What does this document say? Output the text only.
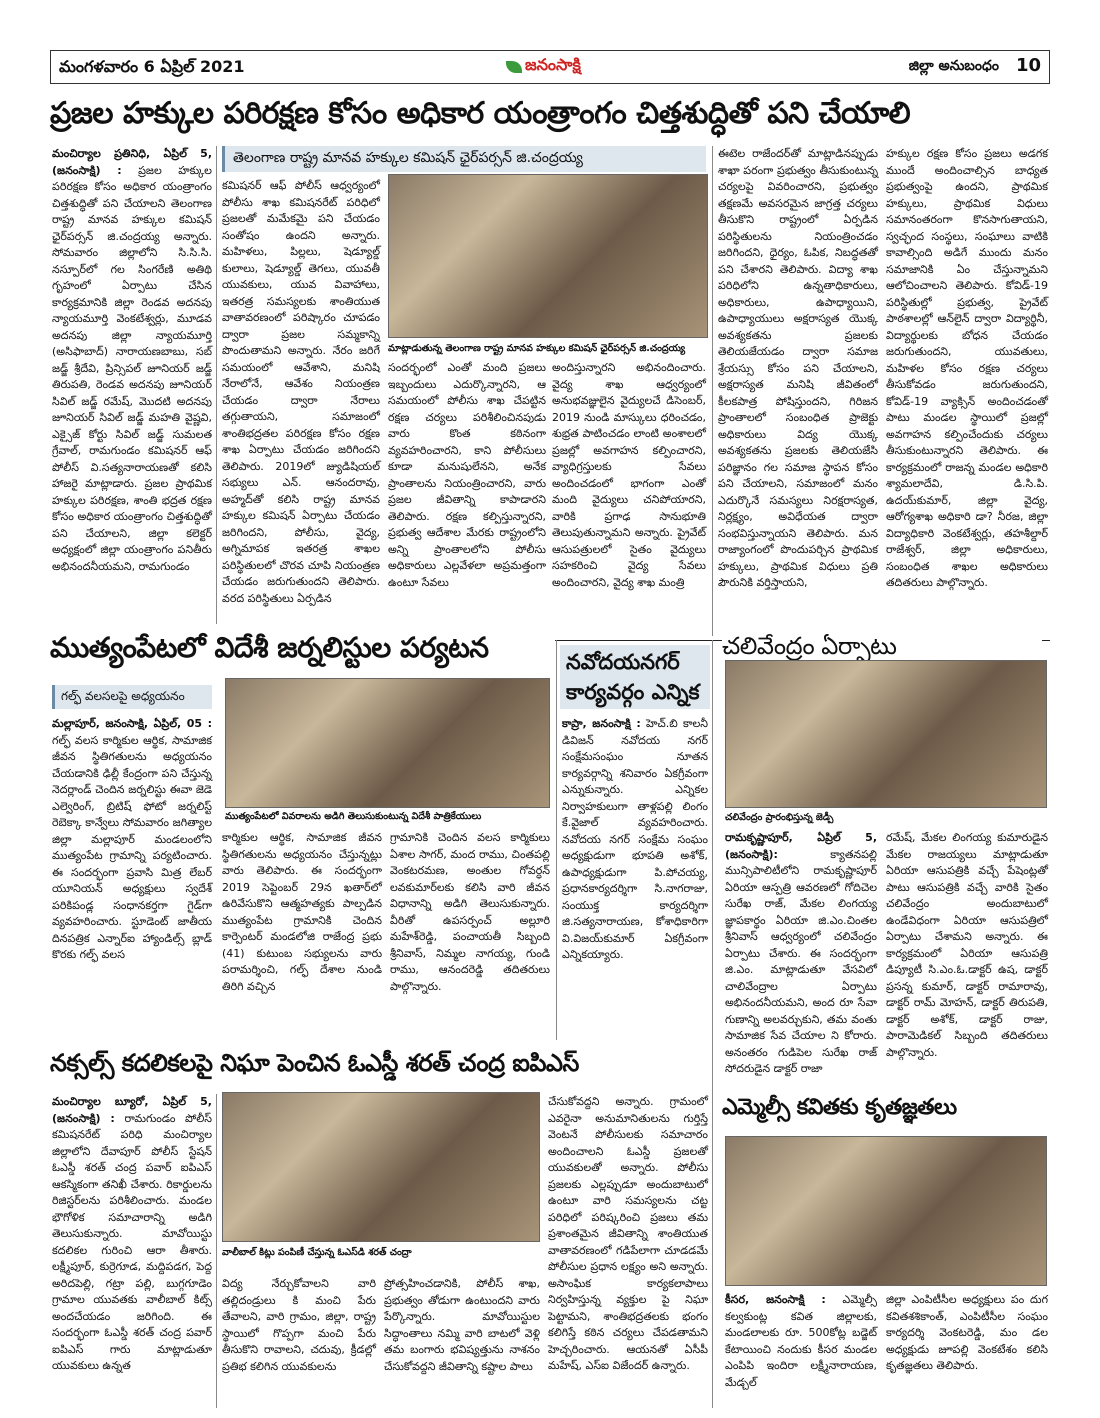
మంగళవారం 6 ఏప్రిల్ 2021	జనంసాక్షి	జిల్లా అనుబంధం 10
ప్రజల హక్కుల పరిరక్షణ కోసం అధికార యంత్రాంగం చిత్తశుద్ధితో పని చేయాలి
మంచిర్యాల ప్రతినిధి, ఏప్రిల్ 5, (జనంసాక్షి) : ప్రజల హక్కుల పరిరక్షణ కోసం అధికార యంత్రాంగం చిత్తశుద్ధితో పని చేయాలని తెలంగాణ రాష్ట్ర మానవ హక్కుల కమిషన్ ఛైర్‌పర్సన్ జి.చంద్రయ్య అన్నారు. సోమవారం జిల్లాలోని సి.సి.సి. నస్పూర్‌లో గల సింగరేణి అతిథి గృహంలో ఏర్పాటు చేసిన కార్యక్రమానికి జిల్లా రెండవ అదనపు న్యాయమూర్తి వెంకటేశ్వర్లు, మూడవ అదనపు జిల్లా న్యాయమూర్తి (అసిఫాబాద్) నారాయణబాబు, సబ్ జడ్జ్ శ్రీదేవి, ప్రిన్సిపల్ జూనియర్ జడ్జ్ తిరుపతి, రెండవ అదనపు జూనియర్ సివిల్ జడ్జ్ రమేష్, మొదటి అదనపు జూనియర్ సివిల్ జడ్జ్ మహతి వైష్ణవి, ఎక్సైజ్ కోర్టు సివిల్ జడ్జ్ సుమలత గ్రేవాల్, రామగుండం కమిషనర్ ఆఫ్ పోలీస్ వి.సత్యనారాయణతో కలిసి హాజరై మాట్లాడారు. ప్రజల ప్రాథమిక హక్కుల పరిరక్షణ, శాంతి భద్రత రక్షణ కోసం అధికార యంత్రాంగం చిత్తశుద్ధితో పని చేయాలని, జిల్లా కలెక్టర్ అధ్యక్షంలో జిల్లా యంత్రాంగం పనితీరు అభినందనీయమని, రామగుండం
తెలంగాణ రాష్ట్ర మానవ హక్కుల కమిషన్ ఛైర్‌పర్సన్ జి.చంద్రయ్య
కమిషనర్ ఆఫ్ పోలీస్ ఆధ్వర్యంలో పోలీసు శాఖ కమిషనరేట్ పరిధిలో ప్రజలతో మమేకమై పని చేయడం సంతోషం ఉందని అన్నారు. మహిళలు, పిల్లలు, షెడ్యూల్డ్ కులాలు, షెడ్యూల్డ్ తెగలు, యువతీ యువకులు, యువ వివాహాలు, ఇతరత్ర సమస్యలకు శాంతియుత వాతావరణంలో పరిష్కారం చూపడం ద్వారా ప్రజల సమ్మకాన్ని పొందుతామని అన్నారు. నేరం జరిగే సమయంలో ఆవేశాని, మనిషి నేరాలోనే, ఆవేశం నియంత్రణ చేయడం ద్వారా నేరాలు తగ్గుతాయని, సమాజంలో శాంతిభద్రతల పరిరక్షణ కోసం రక్షణ శాఖ ఏర్పాటు చేయడం జరిగిందని తెలిపారు. 2019లో జ్యుడిషియల్ సభ్యులు ఎన్. ఆనందరావు, అహ్మద్‌తో కలిసి రాష్ట్ర మానవ హక్కుల కమిషన్ ఏర్పాటు చేయడం జరిగిందని, పోలీసు, వైద్య, అగ్నిమాపక ఇతరత్ర శాఖల పరిస్థితులలో చొరవ చూపి నియంత్రణ చేయడం జరుగుతుందని తెలిపారు. వరద పరిస్థితులు ఏర్పడిన
మాట్లాడుతున్న తెలంగాణ రాష్ట్ర మానవ హక్కుల కమిషన్ ఛైర్‌పర్సన్ జి.చంద్రయ్య
సందర్భంలో ఎంతో మంది ప్రజలు ఇబ్బందులు ఎదుర్కొన్నారని, ఆ సమయంలో పోలీసు శాఖ చేపట్టిన రక్షణ చర్యలు పరిశీలించినపుడు వారు కొంత కఠినంగా వ్యవహరించారని, కాని పోలీసులు కూడా మనుషులేనని, అనేక ప్రాంతాలను నియంత్రించారని, వారు ప్రజల జీవితాన్ని కాపాడారని తెలిపారు. రక్షణ కల్పిస్తున్నారని, ప్రభుత్వ ఆదేశాల మేరకు రాష్ట్రంలోని అన్ని ప్రాంతాలలోని పోలీసు అధికారులు ఎల్లవేళలా అప్రమత్తంగా ఉంటూ సేవలు
అందిస్తున్నారని అభినందించారు. వైద్య శాఖ ఆధ్వర్యంలో అనుభవజ్ఞులైన వైద్యులచే డిసెంబర్, 2019 నుండి మాస్కులు ధరించడం, శుభ్రత పాటించడం లాంటి అంశాలలో ప్రజల్లో అవగాహన కల్పించారని, వ్యాధిగ్రస్తులకు సేవలు అందించడంలో భాగంగా ఎంతో మంది వైద్యులు చనిపోయారని, వారికి ప్రగాఢ సానుభూతి తెలుపుతున్నామని అన్నారు. ప్రైవేట్ ఆసుపత్రులలో సైతం వైద్యులు సహకరించి వైద్య సేవలు అందించారని, వైద్య శాఖ మంత్రి
ఈటెల రాజేందర్‌తో మాట్లాడినప్పుడు శాఖా పరంగా ప్రభుత్వం తీసుకుంటున్న చర్యలపై వివరించారని, ప్రభుత్వం తక్షణమే అవసరమైన జాగ్రత్త చర్యలు తీసుకొని రాష్ట్రంలో ఏర్పడిన పరిస్థితులను నియంత్రించడం జరిగిందని, ధైర్యం, ఓపిక, నిబద్ధతతో పని చేశారని తెలిపారు. విద్యా శాఖ పరిధిలోని ఉన్నతాధికారులు, అధికారులు, ఉపాధ్యాయిని, ఉపాధ్యాయులు అక్షరాస్యత యొక్క అవశ్యకతను ప్రజలకు తెలియజేయడం ద్వారా సమాజ శ్రేయస్సు కోసం పని చేయాలని, అక్షరాస్యత మనిషి జీవితంలో కీలకపాత్ర పోషిస్తుందని, గిరిజన ప్రాంతాలలో సంబంధిత ప్రాజెక్టు అధికారులు విద్య యొక్క అవశ్యకతను ప్రజలకు తెలియజేసి పరిజ్ఞానం గల సమాజ స్థాపన కోసం పని చేయాలని, సమాజంలో మనం ఎదుర్కొనే సమస్యలు నిరక్షరాస్యత, నిర్లక్ష్యం, అవిధేయత ద్వారా సంభవిస్తున్నాయని తెలిపారు. మన రాజ్యాంగంలో పొందుపర్చిన ప్రాథమిక హక్కులు, ప్రాథమిక విధులు ప్రతి పౌరునికి వర్తిస్తాయని,
హక్కుల రక్షణ కోసం ప్రజలు అడగక ముందే అందించాల్సిన బాధ్యత ప్రభుత్వంపై ఉందని, ప్రాథమిక హక్కులు, ప్రాథమిక విధులు సమానంతరంగా కొనసాగుతాయని, స్వచ్ఛంద సంస్థలు, సంఘాలు వాటికి కావాల్సింది అడిగే ముందు మనం సమాజానికి ఏం చేస్తున్నామని ఆలోచించాలని తెలిపారు. కోవిడ్-19 పరిస్థితుల్లో ప్రభుత్వ, ప్రైవేట్ పాఠశాలల్లో ఆన్‌లైన్ ద్వారా విద్యార్థినీ, విద్యార్థులకు బోధన చేయడం జరుగుతుందని, యువతులు, మహిళల కోసం రక్షణ చర్యలు తీసుకోవడం జరుగుతుందని, కోవిడ్-19 వ్యాక్సిన్ అందించడంతో పాటు మండల స్థాయిలో ప్రజల్లో అవగాహన కల్పించేందుకు చర్యలు తీసుకుంటున్నారని తెలిపారు. ఈ కార్యక్రమంలో రాజన్న మండల అధికారి శ్యామలాదేవి, డి.సి.పి. ఉదయ్‌కుమార్, జిల్లా వైద్య, ఆరోగ్యశాఖ అధికారి డా? నీరజ, జిల్లా విద్యాధికారి వెంకటేశ్వర్లు, తహశీల్దార్ రాజేశ్వర్, జిల్లా అధికారులు, సంబంధిత శాఖల అధికారులు తదితరులు పాల్గొన్నారు.
ముత్యంపేటలో విదేశీ జర్నలిస్టుల పర్యటన
గల్ఫ్ వలసలపై అధ్యయనం
మల్లాపూర్, జనంసాక్షి, ఏప్రిల్, 05 : గల్ఫ్ వలస కార్మికుల ఆర్థిక, సామాజిక జీవన స్థితిగతులను అధ్యయనం చేయడానికి ఢిల్లీ కేంద్రంగా పని చేస్తున్న నెదర్లాండ్ చెందిన జర్నలిస్టు ఈవా జెడె ఎల్వెరింగ్, బ్రిటిష్ ఫోటో జర్నలిస్ట్ రెబెక్కా కాన్వేలు సోమవారం జగిత్యాల జిల్లా మల్లాపూర్ మండలంలోని ముత్యంపేట గ్రామాన్ని పర్యటించారు. ఈ సందర్భంగా ప్రవాసి మిత్ర లేబర్ యూనియన్ అధ్యక్షులు స్వదేశ్ పరికిపండ్ల సంధానకర్తగా గైడ్‌గా వ్యవహరించారు. స్టూడెంట్ జాతీయ దినపత్రిక ఎన్నార్ఐ హ్యాండిల్స్ బ్లాడ్ కొరకు గల్ఫ్ వలస
ముత్యంపేటలో వివరాలను అడిగి తెలుసుకుంటున్న విదేశీ పాత్రికేయులు
కార్మికుల ఆర్థిక, సామాజిక జీవన స్థితిగతులను అధ్యయనం చేస్తున్నట్లు వారు తెలిపారు. ఈ సందర్భంగా 2019 సెప్టెంబర్ 29న ఖతార్‌లో ఉరివేసుకొని ఆత్మహత్యకు పాల్పడిన ముత్యంపేట గ్రామానికి చెందిన కార్పెంటర్ మండలోజి రాజేంద్ర ప్రభు (41) కుటుంబ సభ్యులను వారు పరామర్శించి, గల్ఫ్ దేశాల నుండి తిరిగి వచ్చిన
గ్రామానికి చెందిన వలస కార్మికులు ఏశాల సాగర్, మంద రాము, చింతపల్లి వెంకటరమణ, అంతుల గోవర్ధన్ లవకుమార్‌లకు కలిసి వారి జీవన విధానాన్ని అడిగి తెలుసుకున్నారు. వీరితో ఉపసర్పంచ్ అల్లూరి మహేశ్‌రెడ్డి, పంచాయతీ సిబ్బంది శ్రీనివాస్, నిమ్మల నాగయ్య, గుండి రాము, ఆనందరెడ్డి తదితరులు పాల్గొన్నారు.
నవోదయనగర్ కార్యవర్గం ఎన్నిక
కాప్రా, జనంసాక్షి : హెచ్.బి కాలనీ డివిజన్ నవోదయ నగర్ సంక్షేమసంఘం నూతన కార్యవర్గాన్ని శనివారం ఏకగ్రీవంగా ఎన్నుకున్నారు. ఎన్నికల నిర్వాహకులుగా తాళ్లపల్లి లింగం కే.వైజాల్ వ్యవహరించారు. నవోదయ నగర్ సంక్షేమ సంఘం అధ్యక్షుడుగా భూపతి అశోక్, ఉపాధ్యక్షుడుగా పి.పోచయ్య, ప్రధానకార్యదర్శిగా సి.నాగరాజు, సంయుక్త కార్యదర్శిగా జి.సత్యనారాయణ, కోశాధికారిగా వి.విజయ్‌కుమార్ ఏకగ్రీవంగా ఎన్నికయ్యారు.
చలివేంద్రం ఏర్పాటు
చలివేంద్రం ప్రారంభిస్తున్న జెడ్పీ
రామకృష్ణాపూర్, ఏప్రిల్ 5, (జనంసాక్షి):	క్యాతనపల్లి మున్సిపాలిటీలోని రామకృష్ణాపూర్ ఏరియా ఆస్పత్రి ఆవరణలో గోదిచెల సురేఖ రాజ్, మేకల లింగయ్య జ్ఞాపకార్థం ఏరియా జి.ఎం.చింతల శ్రీనివాస్ ఆధ్వర్యంలో చలివేంద్రం ఏర్పాటు చేశారు. ఈ సందర్భంగా జి.ఎం. మాట్లాడుతూ వేసవిలో చాలివేంద్రాల ఏర్పాటు అభినందనీయమని, అంద రూ సేవా గుణాన్ని అలవర్చుకుని, తమ వంతు సామాజిక సేవ చేయాల ని కోరారు. అనంతరం గుడిపెల సురేఖ రాజ్ సోదరుడైన డాక్టర్ రాజా
రమేష్, మేకల లింగయ్య కుమారుడైన మేకల రాజయ్యలు మాట్లాడుతూ ఏరియా ఆసుపత్రికి వచ్చే పేషెంట్లతో పాటు ఆసుపత్రికి వచ్చే వారికి సైతం చలివేంద్రం అందుబాటులో ఉండేవిధంగా ఏరియా ఆసుపత్రిలో ఏర్పాటు చేశామని అన్నారు. ఈ కార్యక్రమంలో ఏరియా ఆసుపత్రి డిప్యూటీ సి.ఎం.ఓ.డాక్టర్ ఉష, డాక్టర్ ప్రసన్న కుమార్, డాక్టర్ రామారావు, డాక్టర్ రామ్ మోహన్, డాక్టర్ తిరుపతి, డాక్టర్ అశోక్, డాక్టర్ రాజు, పారామెడికల్ సిబ్బంది తదితరులు పాల్గొన్నారు.
నక్సల్స్ కదలికలపై నిఘా పెంచిన ఓఎస్డీ శరత్ చంద్ర ఐపిఎస్
మంచిర్యాల బ్యూరో, ఏప్రిల్ 5, (జనంసాక్షి) : రామగుండం పోలీస్ కమిషనరేట్ పరిధి మంచిర్యాల జిల్లాలోని దేవాపూర్ పోలీస్ స్టేషన్ ఓఎస్డీ శరత్ చంద్ర పవార్ ఐపిఎస్ ఆకస్మికంగా తనిఖీ చేశారు. రికార్డులను రిజిస్టర్‌లను పరిశీలించారు. మండల భౌగోళిక సమాచారాన్ని అడిగి తెలుసుకున్నారు. మావోయిస్టు కదలికల గురించి ఆరా తీశారు. లక్ష్మీపూర్, కుర్రెగూడ, మద్దిపడగ, పెద్ద అరిదపెల్లి, గట్రా పల్లి, బుగ్గగూడెం గ్రామాల యువతకు వాలీబాల్ కిట్స్ అందచేయడం జరిగింది. ఈ సందర్భంగా ఓఎస్డీ శరత్ చంద్ర పవార్ ఐపిఎస్ గారు మాట్లాడుతూ యువకులు ఉన్నత
వాలీబాల్ కిట్లు పంపిణీ చేస్తున్న ఓఎస్‌డి శరత్ చంద్రా
విద్య నేర్చుకోవాలని వారి తల్లిదండ్రులు కి మంచి పేరు తేవాలని, వారి గ్రామం, జిల్లా, రాష్ట్ర స్థాయిలో గొప్పగా మంచి పేరు తీసుకొని రావాలని, చదువు, క్రీడల్లో ప్రతిభ కలిగిన యువకులను
ప్రోత్సహించడానికి, పోలీస్ శాఖ, ప్రభుత్వం తోడుగా ఉంటుందని వారు పేర్కొన్నారు. మావోయిస్టుల సిద్ధాంతాలు నమ్మి వారి బాటలో వెళ్లి తమ బంగారు భవిష్యత్తును నాశనం చేసుకోవద్దని జీవితాన్ని కష్టాల పాలు
చేసుకోవద్దని అన్నారు. గ్రామంలో ఎవరైనా అనుమానితులను గుర్తిస్తే వెంటనే పోలీసులకు సమాచారం అందించాలని ఓఎస్డీ ప్రజలతో యువకులతో అన్నారు. పోలీసు ప్రజలకు ఎల్లప్పుడూ అందుబాటులో ఉంటూ వారి సమస్యలను చట్ట పరిధిలో పరిష్కరించి ప్రజలు తమ ప్రశాంతమైన జీవితాన్ని శాంతియుత వాతావరణంలో గడిపేలాగా చూడడమే పోలీసుల ప్రధాన లక్ష్యం అని అన్నారు. అసాంఘిక కార్యకలాపాలు నిర్వహిస్తున్న వ్యక్తుల పై నిఘా పెట్టామని, శాంతిభద్రతలకు భంగం కలిగిస్తే కఠిన చర్యలు చేపడతామని హెచ్చరించారు. ఆయనతో ఏసీపీ మహేష్, ఎస్ఐ విజేందర్ ఉన్నారు.
ఎమ్మెల్సీ కవితకు కృతజ్ఞతలు
కీసర, జనంసాక్షి : ఎమ్మెల్సీ కల్వకుంట్ల కవిత జిల్లాలకు, మండలాలకు రూ. 500కోట్ల బడ్జెట్ కేటాయించి నందుకు కీసర మండల ఎంపిపి ఇందిరా లక్ష్మీనారాయణ, మేడ్చల్
జిల్లా ఎంపిటీసీల అధ్యక్షులు పం దుగ కవితశశికాంత్, ఎంపిటీసీల సంఘం కార్యదర్శి వెంకటరెడ్డి, మం డల అధ్యక్షుడు జూపల్లి వెంకటేశం కలిసి కృతజ్ఞతలు తెలిపారు.
